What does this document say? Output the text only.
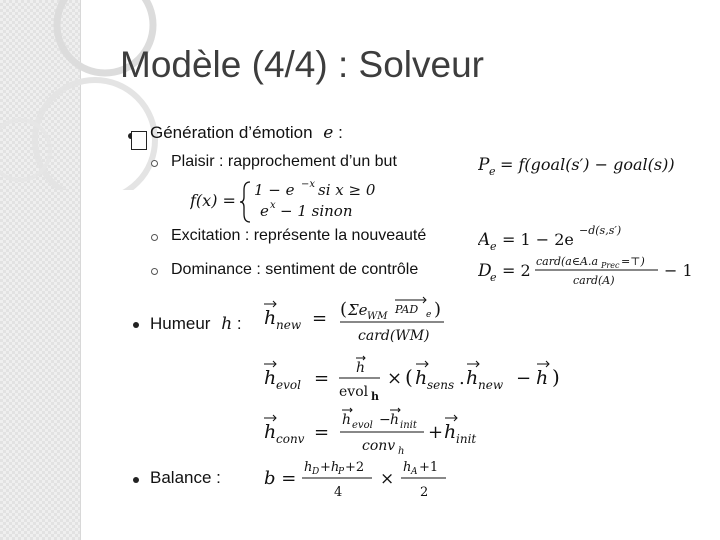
Modèle (4/4) : Solveur
Génération d’émotion e :
Plaisir : rapprochement d’un but
Excitation : représente la nouveauté
Dominance : sentiment de contrôle
P e = f(goal(s′) − goal(s))
f(x) =
1 − e −x si x ≥ 0
e x − 1 sinon
A e = 1 − 2e −d(s,s′)
D
e = 2 card(a∈A.a Prec =⊤)
card(A)
− 1
Humeur h : h new = ( Σe WM
PAD e )
card(WM)
h evol = h
evol h
× ( h sens . h new − h )
h conv =
h evol − h init
conv h
+ h init
Balance : b =
h D +h
P +2
4
×
h A +1
2
